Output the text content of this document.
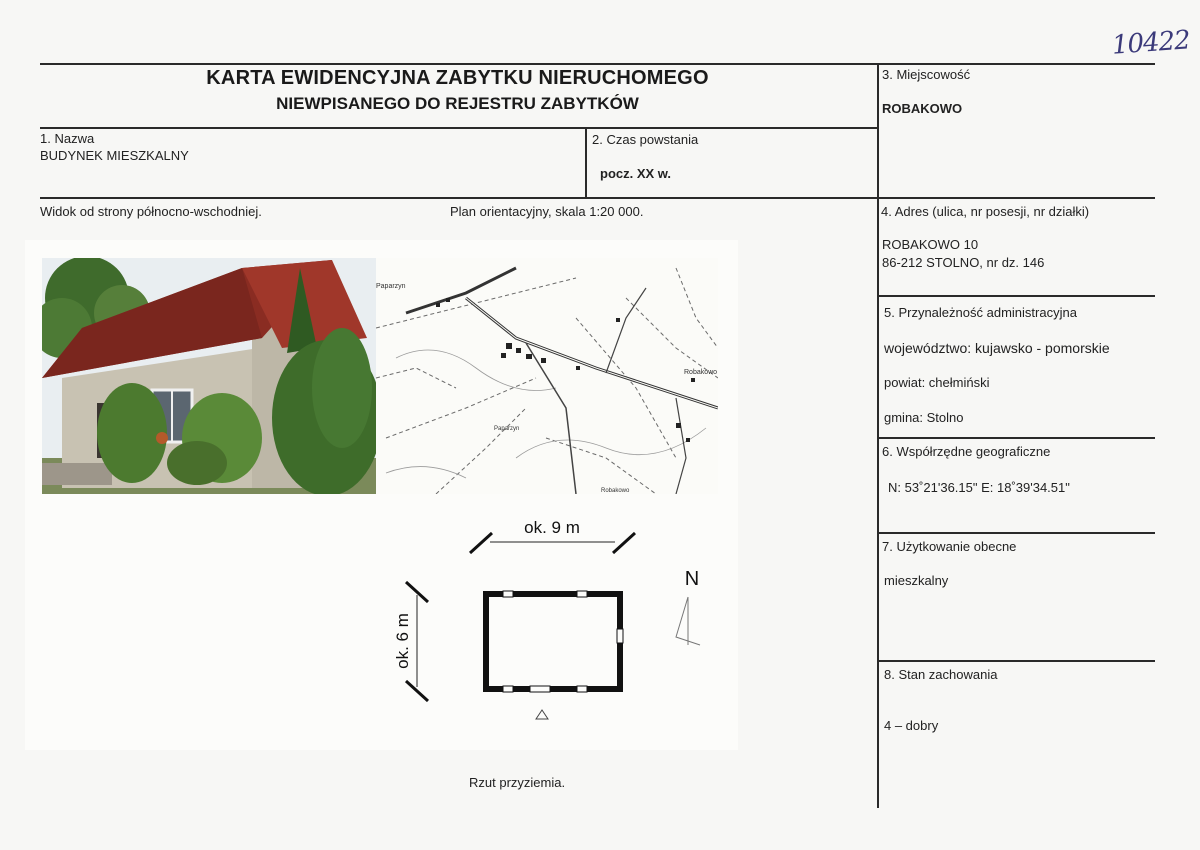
10422
KARTA EWIDENCYJNA ZABYTKU NIERUCHOMEGO
NIEWPISANEGO DO REJESTRU ZABYTKÓW
1. Nazwa
BUDYNEK MIESZKALNY
2. Czas powstania
pocz. XX w.
3. Miejscowość
ROBAKOWO
Widok od strony północno-wschodniej.	Plan orientacyjny, skala 1:20 000.	4. Adres (ulica, nr posesji, nr działki)
ROBAKOWO 10
86-212 STOLNO, nr dz. 146
5. Przynależność administracyjna
województwo: kujawsko - pomorskie
powiat: chełmiński
gmina: Stolno
6. Współrzędne geograficzne
N: 53˚21'36.15" E: 18˚39'34.51"
7. Użytkowanie obecne
mieszkalny
8. Stan zachowania
4 – dobry
Paparzyn
Robakowo
Paparzyn
Robakowo
ok. 9 m
ok. 6 m
N
Rzut przyziemia.
